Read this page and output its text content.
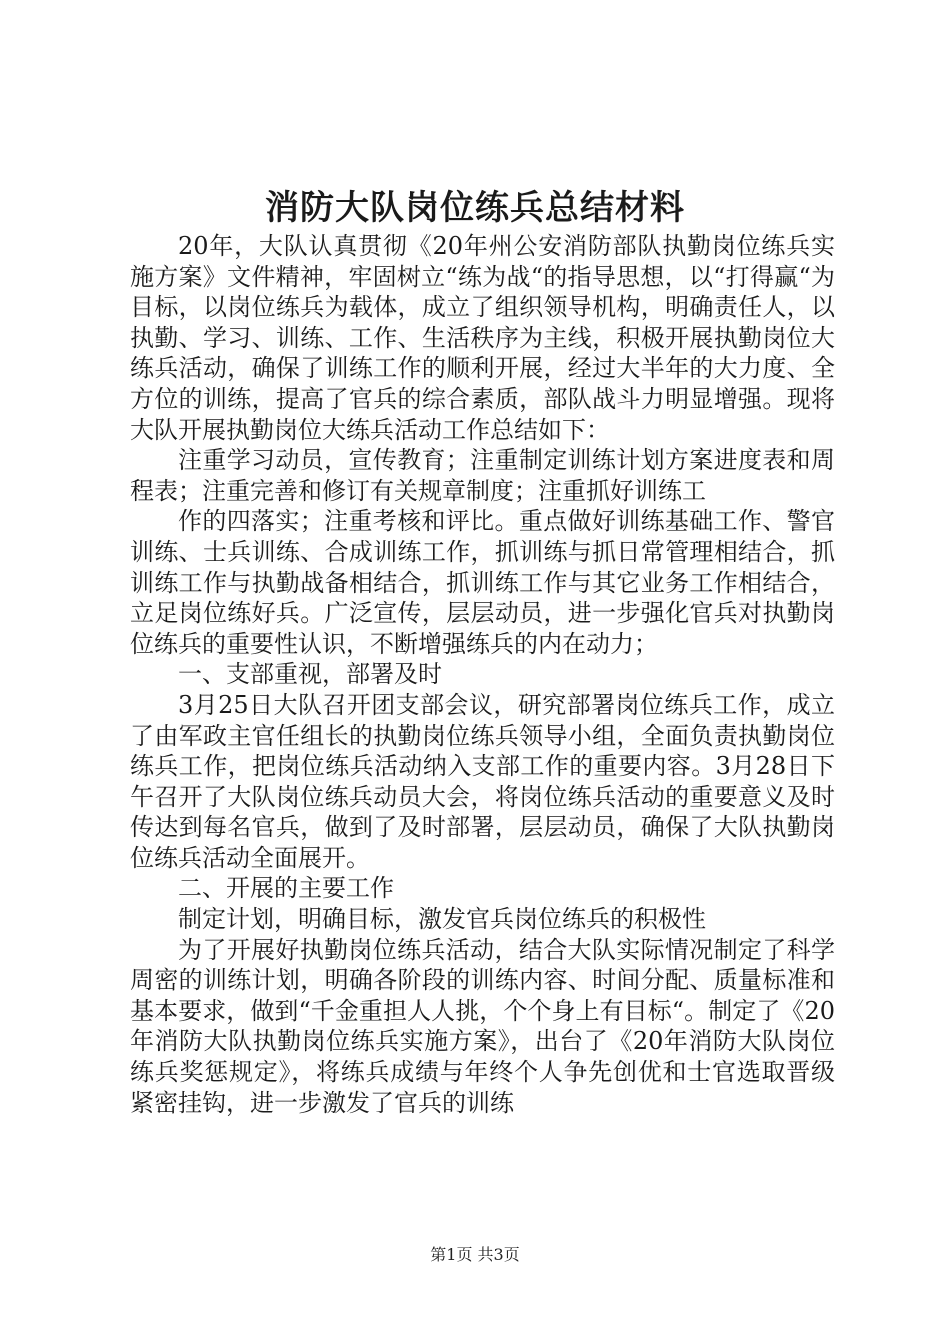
消防大队岗位练兵总结材料

20年，大队认真贯彻《20年州公安消防部队执勤岗位练兵实施方案》文件精神，牢固树立“练为战“的指导思想，以“打得赢“为目标，以岗位练兵为载体，成立了组织领导机构，明确责任人，以执勤、学习、训练、工作、生活秩序为主线，积极开展执勤岗位大练兵活动，确保了训练工作的顺利开展，经过大半年的大力度、全方位的训练，提高了官兵的综合素质，部队战斗力明显增强。现将大队开展执勤岗位大练兵活动工作总结如下：

注重学习动员，宣传教育；注重制定训练计划方案进度表和周程表；注重完善和修订有关规章制度；注重抓好训练工

作的四落实；注重考核和评比。重点做好训练基础工作、警官训练、士兵训练、合成训练工作，抓训练与抓日常管理相结合，抓训练工作与执勤战备相结合，抓训练工作与其它业务工作相结合，立足岗位练好兵。广泛宣传，层层动员，进一步强化官兵对执勤岗位练兵的重要性认识，不断增强练兵的内在动力；

一、支部重视，部署及时

3月25日大队召开团支部会议，研究部署岗位练兵工作，成立了由军政主官任组长的执勤岗位练兵领导小组，全面负责执勤岗位练兵工作，把岗位练兵活动纳入支部工作的重要内容。3月28日下午召开了大队岗位练兵动员大会，将岗位练兵活动的重要意义及时传达到每名官兵，做到了及时部署，层层动员，确保了大队执勤岗位练兵活动全面展开。

二、开展的主要工作

制定计划，明确目标，激发官兵岗位练兵的积极性

为了开展好执勤岗位练兵活动，结合大队实际情况制定了科学周密的训练计划，明确各阶段的训练内容、时间分配、质量标准和基本要求，做到“千金重担人人挑，个个身上有目标“。制定了《20年消防大队执勤岗位练兵实施方案》，出台了《20年消防大队岗位练兵奖惩规定》，将练兵成绩与年终个人争先创优和士官选取晋级紧密挂钩，进一步激发了官兵的训练

第1页 共3页
